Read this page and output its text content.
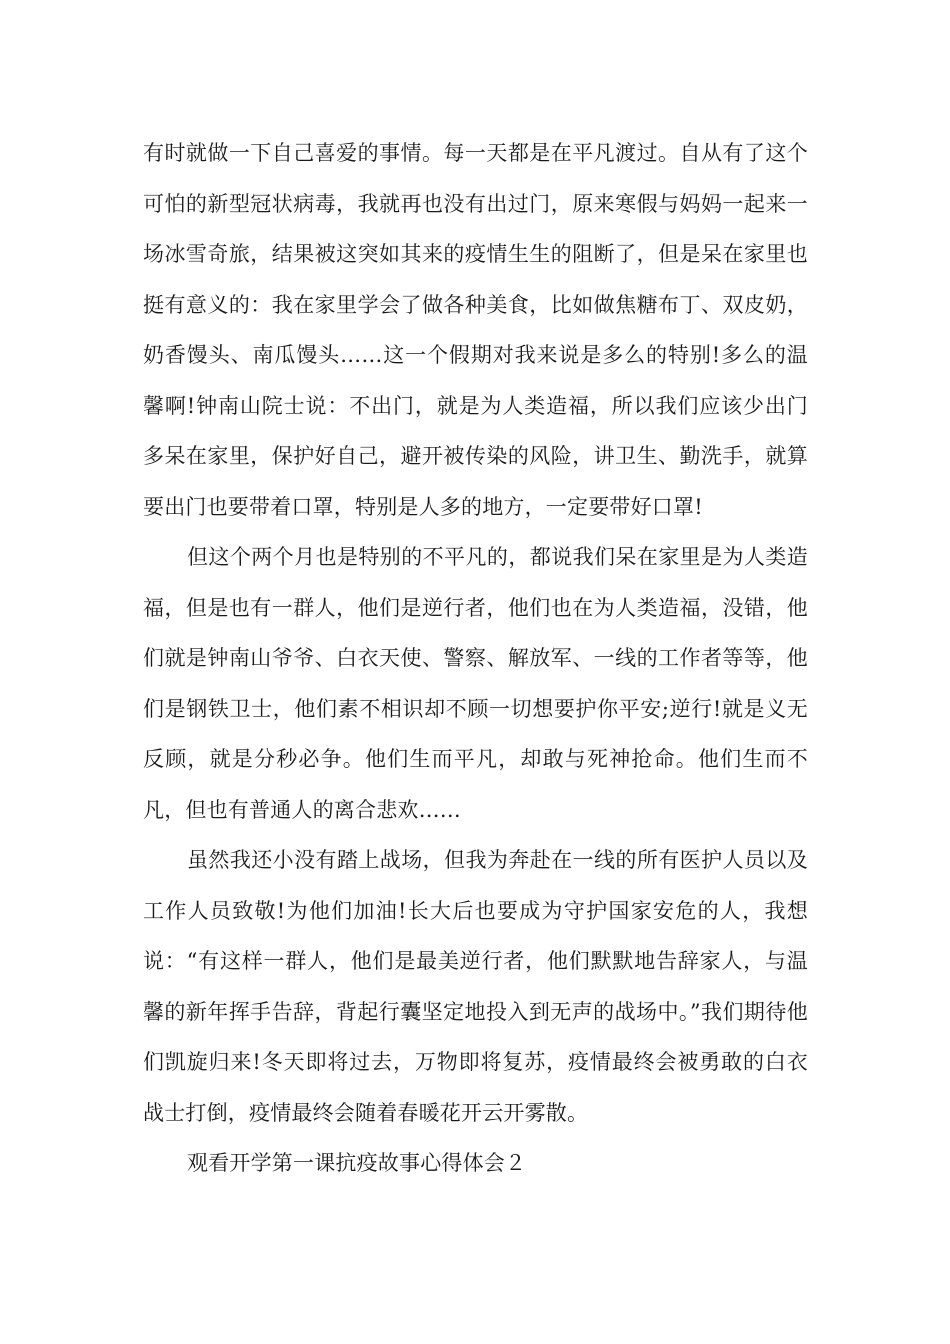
有时就做一下自己喜爱的事情。每一天都是在平凡渡过。自从有了这个可怕的新型冠状病毒，我就再也没有出过门，原来寒假与妈妈一起来一场冰雪奇旅，结果被这突如其来的疫情生生的阻断了，但是呆在家里也挺有意义的：我在家里学会了做各种美食，比如做焦糖布丁、双皮奶，奶香馒头、南瓜馒头……这一个假期对我来说是多么的特别!多么的温馨啊!钟南山院士说：不出门，就是为人类造福，所以我们应该少出门多呆在家里，保护好自己，避开被传染的风险，讲卫生、勤洗手，就算要出门也要带着口罩，特别是人多的地方，一定要带好口罩!

但这个两个月也是特别的不平凡的，都说我们呆在家里是为人类造福，但是也有一群人，他们是逆行者，他们也在为人类造福，没错，他们就是钟南山爷爷、白衣天使、警察、解放军、一线的工作者等等，他们是钢铁卫士，他们素不相识却不顾一切想要护你平安;逆行!就是义无反顾，就是分秒必争。他们生而平凡，却敢与死神抢命。他们生而不凡，但也有普通人的离合悲欢……

虽然我还小没有踏上战场，但我为奔赴在一线的所有医护人员以及工作人员致敬!为他们加油!长大后也要成为守护国家安危的人，我想说：“有这样一群人，他们是最美逆行者，他们默默地告辞家人，与温馨的新年挥手告辞，背起行囊坚定地投入到无声的战场中。”我们期待他们凯旋归来!冬天即将过去，万物即将复苏，疫情最终会被勇敢的白衣战士打倒，疫情最终会随着春暖花开云开雾散。

观看开学第一课抗疫故事心得体会２
